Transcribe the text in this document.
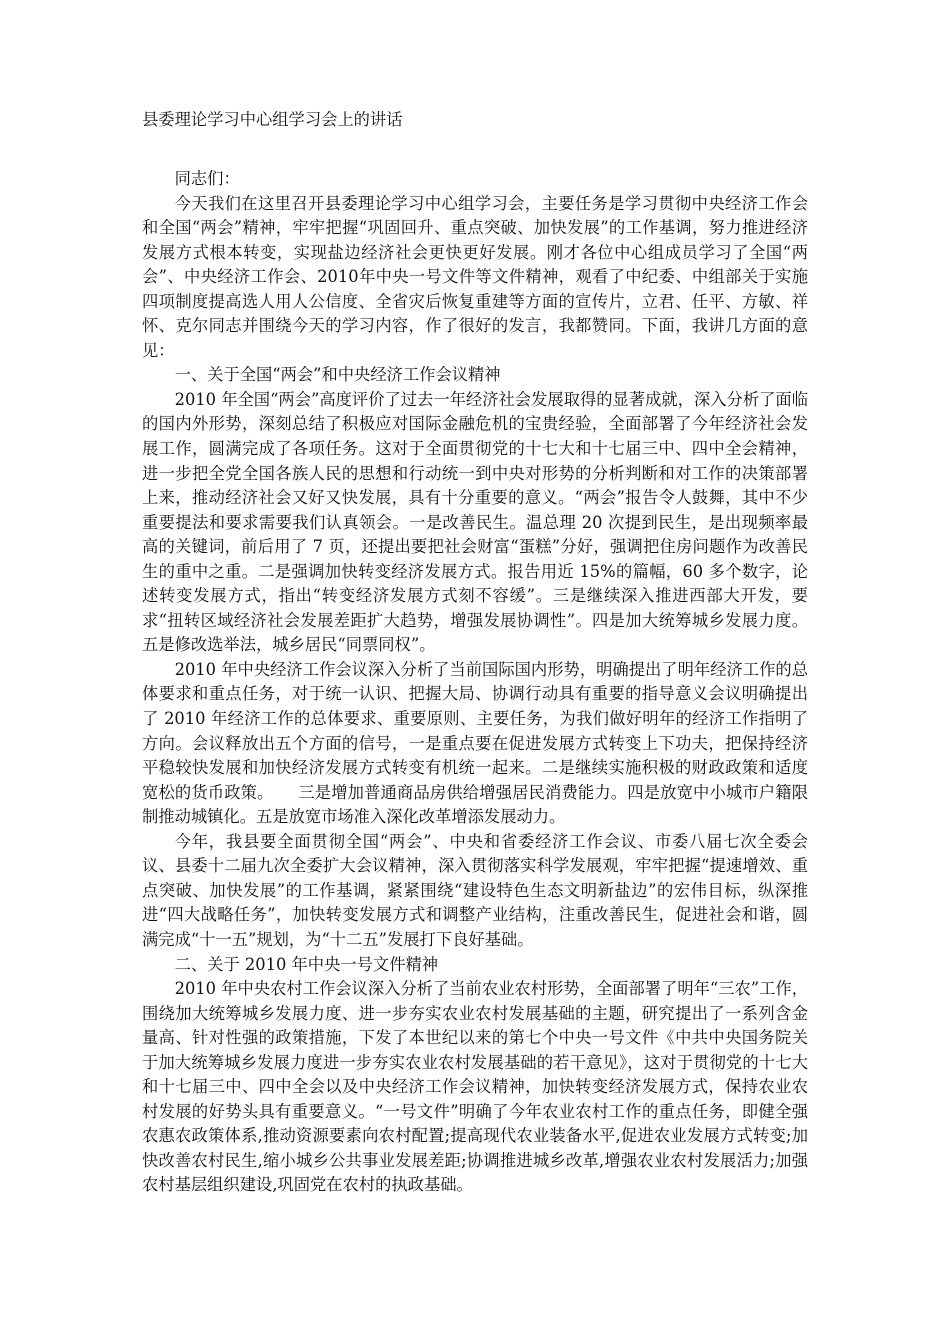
县委理论学习中心组学习会上的讲话

同志们：

今天我们在这里召开县委理论学习中心组学习会，主要任务是学习贯彻中央经济工作会和全国“两会”精神，牢牢把握“巩固回升、重点突破、加快发展”的工作基调，努力推进经济发展方式根本转变，实现盐边经济社会更快更好发展。刚才各位中心组成员学习了全国“两会”、中央经济工作会、2010年中央一号文件等文件精神，观看了中纪委、中组部关于实施四项制度提高选人用人公信度、全省灾后恢复重建等方面的宣传片，立君、任平、方敏、祥怀、克尔同志并围绕今天的学习内容，作了很好的发言，我都赞同。下面，我讲几方面的意见：

一、关于全国“两会”和中央经济工作会议精神

2010 年全国“两会”高度评价了过去一年经济社会发展取得的显著成就，深入分析了面临的国内外形势，深刻总结了积极应对国际金融危机的宝贵经验，全面部署了今年经济社会发展工作，圆满完成了各项任务。这对于全面贯彻党的十七大和十七届三中、四中全会精神，进一步把全党全国各族人民的思想和行动统一到中央对形势的分析判断和对工作的决策部署上来，推动经济社会又好又快发展，具有十分重要的意义。“两会”报告令人鼓舞，其中不少重要提法和要求需要我们认真领会。一是改善民生。温总理 20 次提到民生，是出现频率最高的关键词，前后用了 7 页，还提出要把社会财富“蛋糕”分好，强调把住房问题作为改善民生的重中之重。二是强调加快转变经济发展方式。报告用近 15%的篇幅，60 多个数字，论述转变发展方式，指出“转变经济发展方式刻不容缓”。三是继续深入推进西部大开发，要求“扭转区域经济社会发展差距扩大趋势，增强发展协调性”。四是加大统筹城乡发展力度。五是修改选举法，城乡居民“同票同权”。

2010 年中央经济工作会议深入分析了当前国际国内形势，明确提出了明年经济工作的总体要求和重点任务，对于统一认识、把握大局、协调行动具有重要的指导意义会议明确提出了 2010 年经济工作的总体要求、重要原则、主要任务，为我们做好明年的经济工作指明了方向。会议释放出五个方面的信号，一是重点要在促进发展方式转变上下功夫，把保持经济平稳较快发展和加快经济发展方式转变有机统一起来。二是继续实施积极的财政政策和适度宽松的货币政策。　　三是增加普通商品房供给增强居民消费能力。四是放宽中小城市户籍限制推动城镇化。五是放宽市场准入深化改革增添发展动力。

今年，我县要全面贯彻全国“两会”、中央和省委经济工作会议、市委八届七次全委会议、县委十二届九次全委扩大会议精神，深入贯彻落实科学发展观，牢牢把握“提速增效、重点突破、加快发展”的工作基调，紧紧围绕“建设特色生态文明新盐边”的宏伟目标，纵深推进“四大战略任务”，加快转变发展方式和调整产业结构，注重改善民生，促进社会和谐，圆满完成“十一五”规划，为“十二五”发展打下良好基础。

二、关于 2010 年中央一号文件精神

2010 年中央农村工作会议深入分析了当前农业农村形势，全面部署了明年“三农”工作，围绕加大统筹城乡发展力度、进一步夯实农业农村发展基础的主题，研究提出了一系列含金量高、针对性强的政策措施，下发了本世纪以来的第七个中央一号文件《中共中央国务院关于加大统筹城乡发展力度进一步夯实农业农村发展基础的若干意见》，这对于贯彻党的十七大和十七届三中、四中全会以及中央经济工作会议精神，加快转变经济发展方式，保持农业农村发展的好势头具有重要意义。“一号文件”明确了今年农业农村工作的重点任务，即健全强农惠农政策体系,推动资源要素向农村配置;提高现代农业装备水平,促进农业发展方式转变;加快改善农村民生,缩小城乡公共事业发展差距;协调推进城乡改革,增强农业农村发展活力;加强农村基层组织建设,巩固党在农村的执政基础。
